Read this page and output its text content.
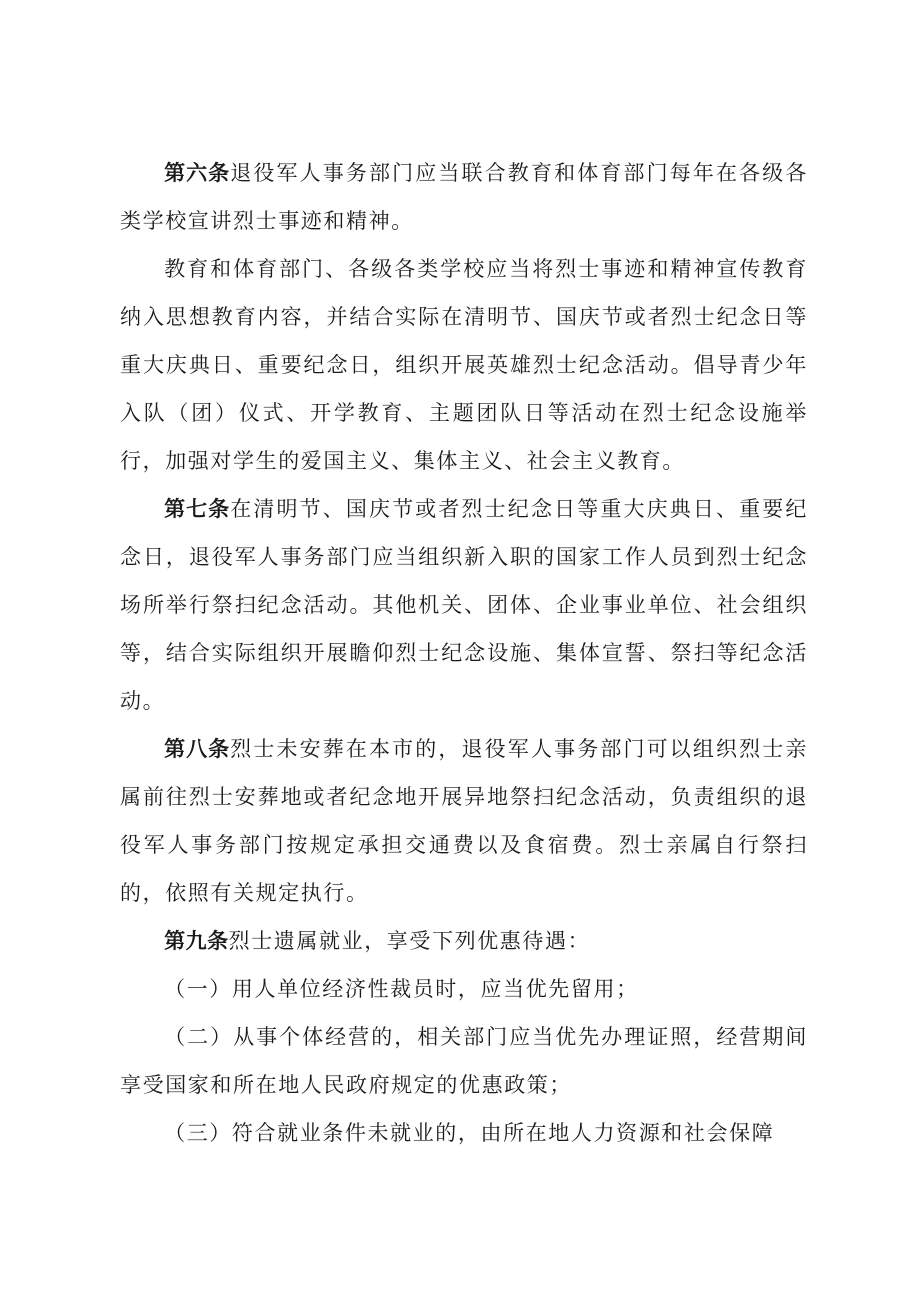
第六条退役军人事务部门应当联合教育和体育部门每年在各级各类学校宣讲烈士事迹和精神。

教育和体育部门、各级各类学校应当将烈士事迹和精神宣传教育纳入思想教育内容，并结合实际在清明节、国庆节或者烈士纪念日等重大庆典日、重要纪念日，组织开展英雄烈士纪念活动。倡导青少年入队（团）仪式、开学教育、主题团队日等活动在烈士纪念设施举行，加强对学生的爱国主义、集体主义、社会主义教育。

第七条在清明节、国庆节或者烈士纪念日等重大庆典日、重要纪念日，退役军人事务部门应当组织新入职的国家工作人员到烈士纪念场所举行祭扫纪念活动。其他机关、团体、企业事业单位、社会组织等，结合实际组织开展瞻仰烈士纪念设施、集体宣誓、祭扫等纪念活动。

第八条烈士未安葬在本市的，退役军人事务部门可以组织烈士亲属前往烈士安葬地或者纪念地开展异地祭扫纪念活动，负责组织的退役军人事务部门按规定承担交通费以及食宿费。烈士亲属自行祭扫的，依照有关规定执行。

第九条烈士遗属就业，享受下列优惠待遇：

（一）用人单位经济性裁员时，应当优先留用；

（二）从事个体经营的，相关部门应当优先办理证照，经营期间享受国家和所在地人民政府规定的优惠政策；

（三）符合就业条件未就业的，由所在地人力资源和社会保障
